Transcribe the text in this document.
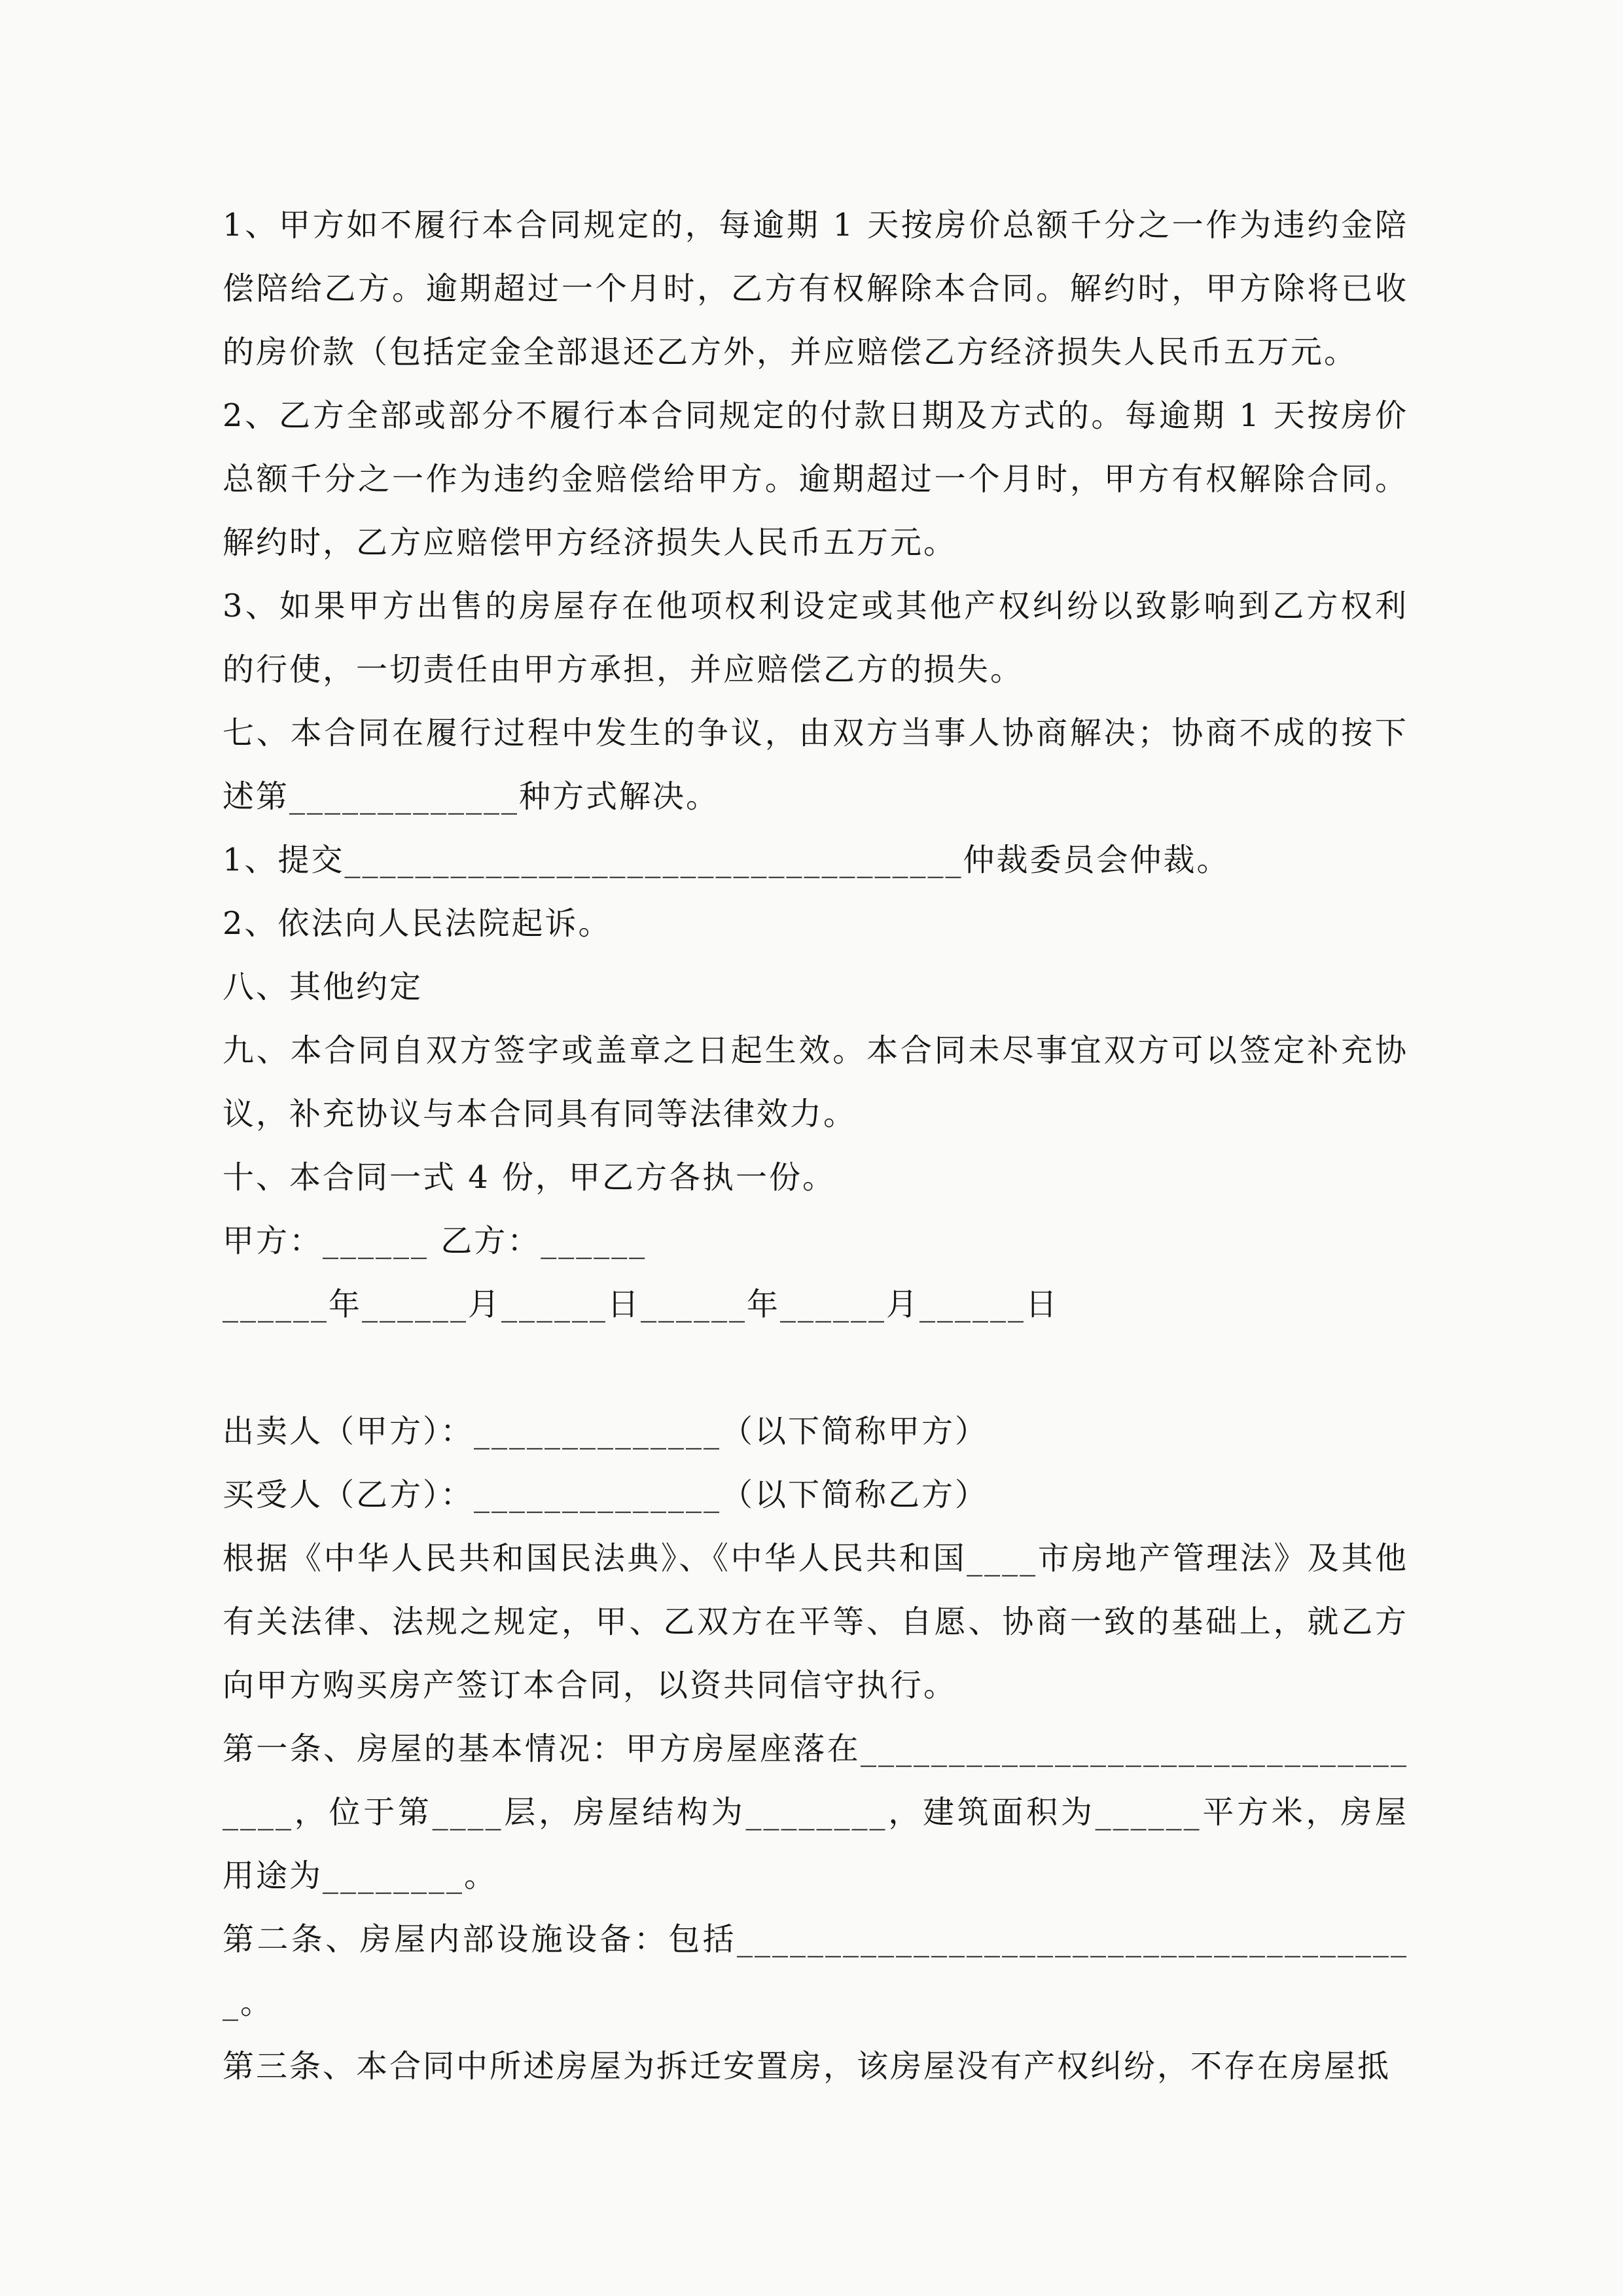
1、甲方如不履行本合同规定的，每逾期 1 天按房价总额千分之一作为违约金陪偿陪给乙方。逾期超过一个月时，乙方有权解除本合同。解约时，甲方除将已收的房价款（包括定金全部退还乙方外，并应赔偿乙方经济损失人民币五万元。

2、乙方全部或部分不履行本合同规定的付款日期及方式的。每逾期 1 天按房价总额千分之一作为违约金赔偿给甲方。逾期超过一个月时，甲方有权解除合同。解约时，乙方应赔偿甲方经济损失人民币五万元。

3、如果甲方出售的房屋存在他项权利设定或其他产权纠纷以致影响到乙方权利的行使，一切责任由甲方承担，并应赔偿乙方的损失。

七、本合同在履行过程中发生的争议，由双方当事人协商解决；协商不成的按下述第_____________种方式解决。

1、提交___________________________________仲裁委员会仲裁。

2、依法向人民法院起诉。

八、其他约定

九、本合同自双方签字或盖章之日起生效。本合同未尽事宜双方可以签定补充协议，补充协议与本合同具有同等法律效力。

十、本合同一式 4 份，甲乙方各执一份。

甲方：______ 乙方：______

______年______月______日______年______月______日

出卖人（甲方）：______________（以下简称甲方）

买受人（乙方）：______________（以下简称乙方）

根据《中华人民共和国民法典》、《中华人民共和国____市房地产管理法》及其他有关法律、法规之规定，甲、乙双方在平等、自愿、协商一致的基础上，就乙方向甲方购买房产签订本合同，以资共同信守执行。

第一条、房屋的基本情况：甲方房屋座落在___________________________________，位于第____层，房屋结构为________，建筑面积为______平方米，房屋用途为________。

第二条、房屋内部设施设备：包括_______________________________________。

第三条、本合同中所述房屋为拆迁安置房，该房屋没有产权纠纷，不存在房屋抵
